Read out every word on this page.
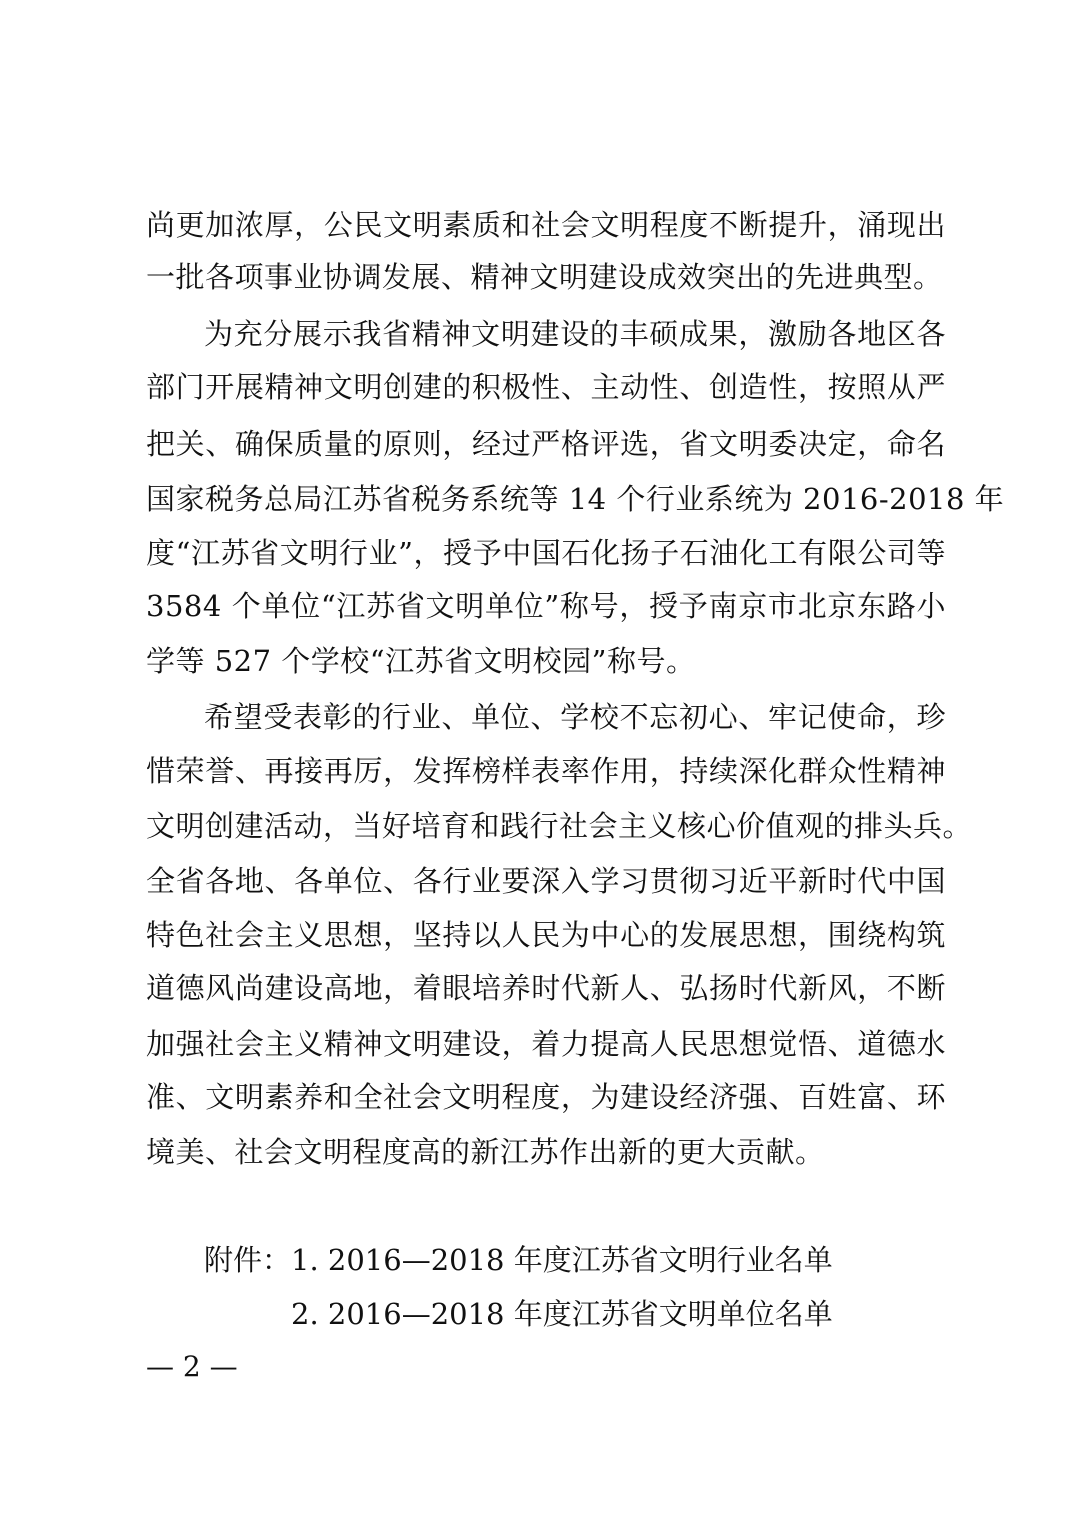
尚更加浓厚，公民文明素质和社会文明程度不断提升，涌现出
一批各项事业协调发展、精神文明建设成效突出的先进典型。
为充分展示我省精神文明建设的丰硕成果，激励各地区各
部门开展精神文明创建的积极性、主动性、创造性，按照从严
把关、确保质量的原则，经过严格评选，省文明委决定，命名
国家税务总局江苏省税务系统等 14 个行业系统为 2016-2018 年
度“江苏省文明行业”，授予中国石化扬子石油化工有限公司等
3584 个单位“江苏省文明单位”称号，授予南京市北京东路小
学等 527 个学校“江苏省文明校园”称号。
希望受表彰的行业、单位、学校不忘初心、牢记使命，珍
惜荣誉、再接再厉，发挥榜样表率作用，持续深化群众性精神
文明创建活动，当好培育和践行社会主义核心价值观的排头兵。
全省各地、各单位、各行业要深入学习贯彻习近平新时代中国
特色社会主义思想，坚持以人民为中心的发展思想，围绕构筑
道德风尚建设高地，着眼培养时代新人、弘扬时代新风，不断
加强社会主义精神文明建设，着力提高人民思想觉悟、道德水
准、文明素养和全社会文明程度，为建设经济强、百姓富、环
境美、社会文明程度高的新江苏作出新的更大贡献。
附件： 1. 2016—2018 年度江苏省文明行业名单
2. 2016—2018 年度江苏省文明单位名单
— 2 —
